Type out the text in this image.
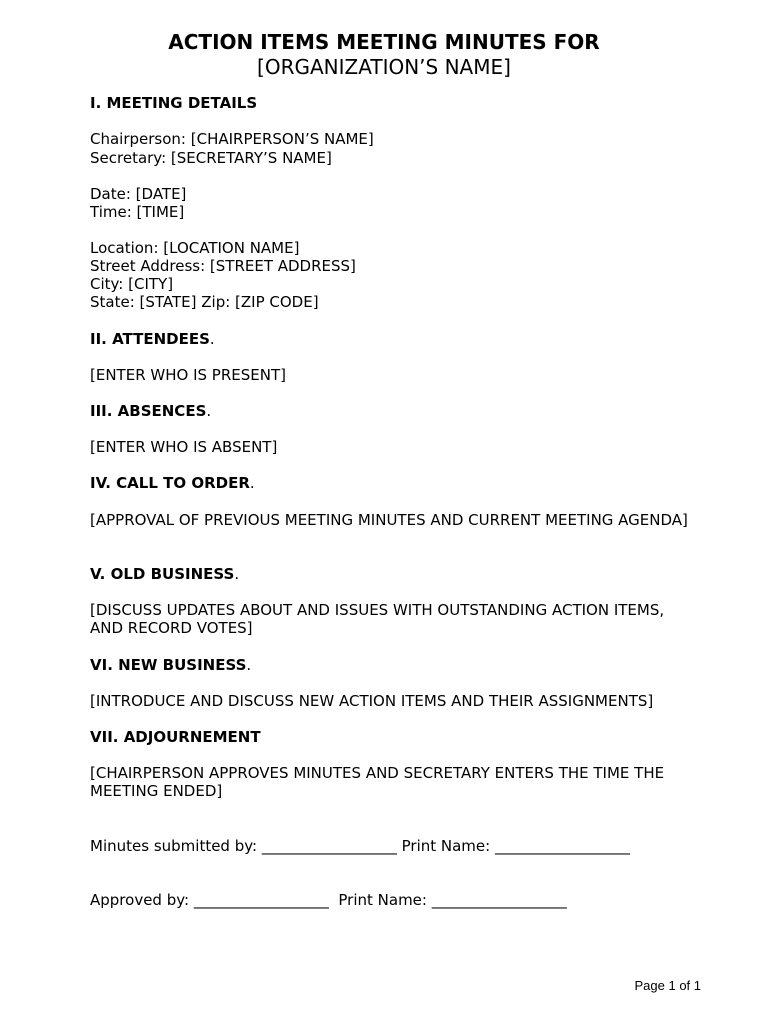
ACTION ITEMS MEETING MINUTES FOR
[ORGANIZATION’S NAME]
I. MEETING DETAILS
Chairperson: [CHAIRPERSON’S NAME]
Secretary: [SECRETARY’S NAME]
Date: [DATE]
Time: [TIME]
Location: [LOCATION NAME]
Street Address: [STREET ADDRESS]
City: [CITY]
State: [STATE] Zip: [ZIP CODE]
II. ATTENDEES.
[ENTER WHO IS PRESENT]
III. ABSENCES.
[ENTER WHO IS ABSENT]
IV. CALL TO ORDER.
[APPROVAL OF PREVIOUS MEETING MINUTES AND CURRENT MEETING AGENDA]
V. OLD BUSINESS.
[DISCUSS UPDATES ABOUT AND ISSUES WITH OUTSTANDING ACTION ITEMS, AND RECORD VOTES]
VI. NEW BUSINESS.
[INTRODUCE AND DISCUSS NEW ACTION ITEMS AND THEIR ASSIGNMENTS]
VII. ADJOURNEMENT
[CHAIRPERSON APPROVES MINUTES AND SECRETARY ENTERS THE TIME THE MEETING ENDED]
Minutes submitted by: __________________ Print Name: __________________
Approved by: __________________  Print Name: __________________
Page 1 of 1
